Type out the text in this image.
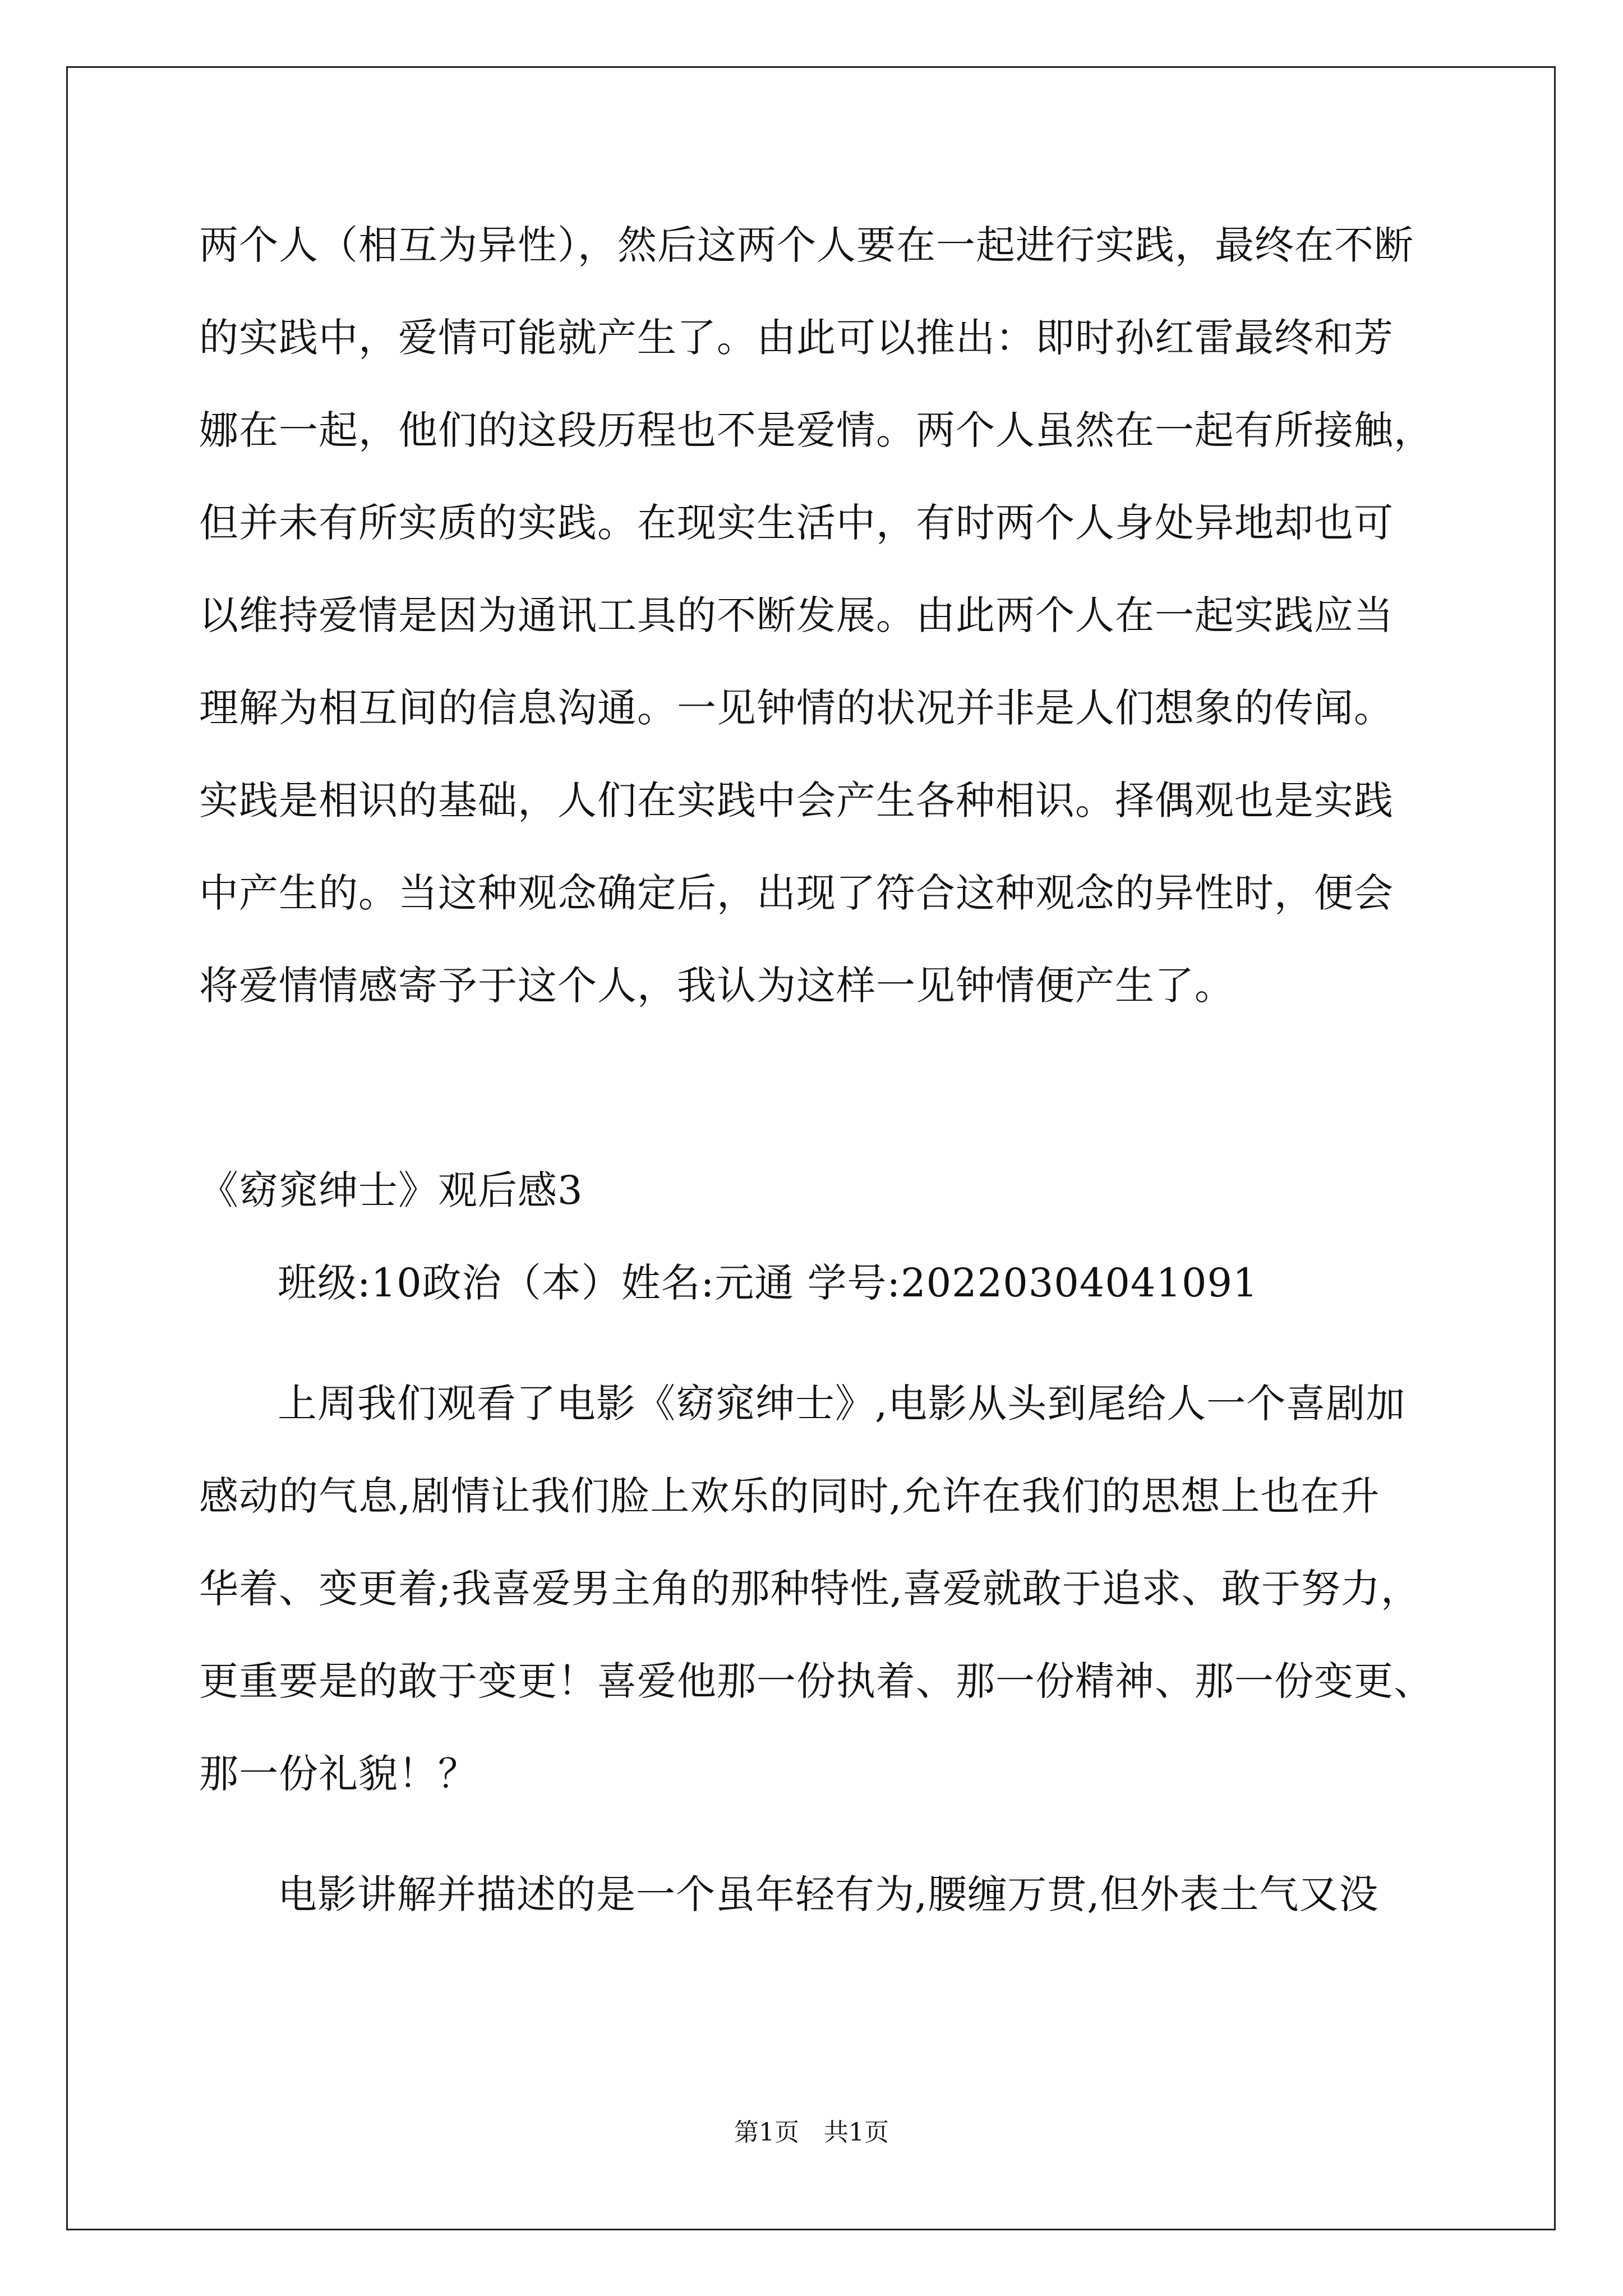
两个人（相互为异性），然后这两个人要在一起进行实践，最终在不断
的实践中，爱情可能就产生了。由此可以推出：即时孙红雷最终和芳
娜在一起，他们的这段历程也不是爱情。两个人虽然在一起有所接触，
但并未有所实质的实践。在现实生活中，有时两个人身处异地却也可
以维持爱情是因为通讯工具的不断发展。由此两个人在一起实践应当
理解为相互间的信息沟通。一见钟情的状况并非是人们想象的传闻。
实践是相识的基础，人们在实践中会产生各种相识。择偶观也是实践
中产生的。当这种观念确定后，出现了符合这种观念的异性时，便会
将爱情情感寄予于这个人，我认为这样一见钟情便产生了。
《窈窕绅士》观后感3
班级:10政治（本）姓名:元通 学号:20220304041091
上周我们观看了电影《窈窕绅士》,电影从头到尾给人一个喜剧加
感动的气息,剧情让我们脸上欢乐的同时,允许在我们的思想上也在升
华着、变更着;我喜爱男主角的那种特性,喜爱就敢于追求、敢于努力，
更重要是的敢于变更！喜爱他那一份执着、那一份精神、那一份变更、
那一份礼貌！？
电影讲解并描述的是一个虽年轻有为,腰缠万贯,但外表土气又没
第1页　共1页
